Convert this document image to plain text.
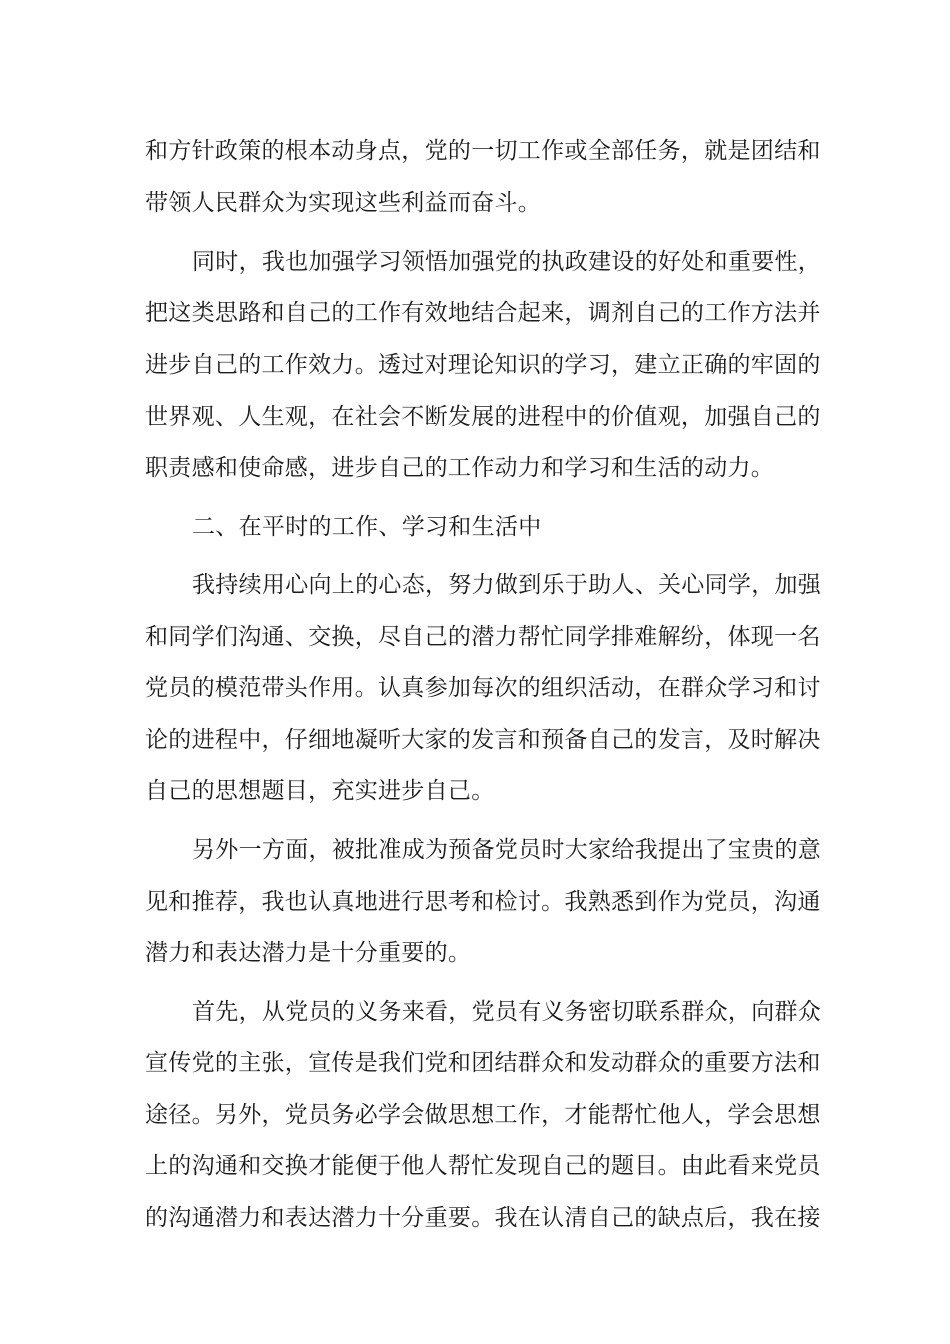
和方针政策的根本动身点，党的一切工作或全部任务，就是团结和
带领人民群众为实现这些利益而奋斗。
同时，我也加强学习领悟加强党的执政建设的好处和重要性，
把这类思路和自己的工作有效地结合起来，调剂自己的工作方法并
进步自己的工作效力。透过对理论知识的学习，建立正确的牢固的
世界观、人生观，在社会不断发展的进程中的价值观，加强自己的
职责感和使命感，进步自己的工作动力和学习和生活的动力。
二、在平时的工作、学习和生活中
我持续用心向上的心态，努力做到乐于助人、关心同学，加强
和同学们沟通、交换，尽自己的潜力帮忙同学排难解纷，体现一名
党员的模范带头作用。认真参加每次的组织活动，在群众学习和讨
论的进程中，仔细地凝听大家的发言和预备自己的发言，及时解决
自己的思想题目，充实进步自己。
另外一方面，被批准成为预备党员时大家给我提出了宝贵的意
见和推荐，我也认真地进行思考和检讨。我熟悉到作为党员，沟通
潜力和表达潜力是十分重要的。
首先，从党员的义务来看，党员有义务密切联系群众，向群众
宣传党的主张，宣传是我们党和团结群众和发动群众的重要方法和
途径。另外，党员务必学会做思想工作，才能帮忙他人，学会思想
上的沟通和交换才能便于他人帮忙发现自己的题目。由此看来党员
的沟通潜力和表达潜力十分重要。我在认清自己的缺点后，我在接
